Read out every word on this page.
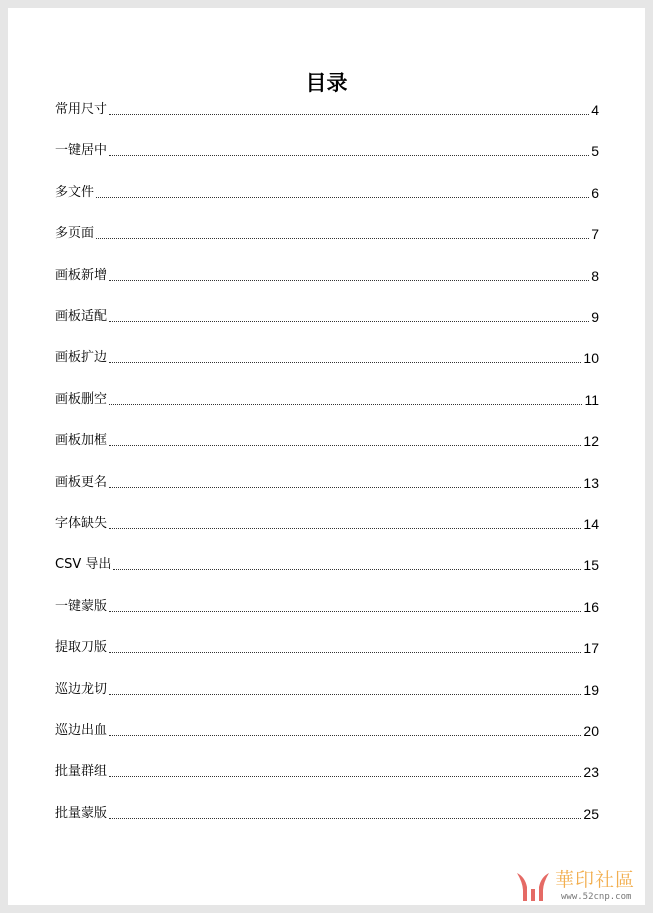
目录
常用尺寸	4
一键居中	5
多文件	6
多页面	7
画板新增	8
画板适配	9
画板扩边	10
画板删空	11
画板加框	12
画板更名	13
字体缺失	14
CSV 导出	15
一键蒙版	16
提取刀版	17
巡边龙切	19
巡边出血	20
批量群组	23
批量蒙版	25
華印社區
www.52cnp.com
